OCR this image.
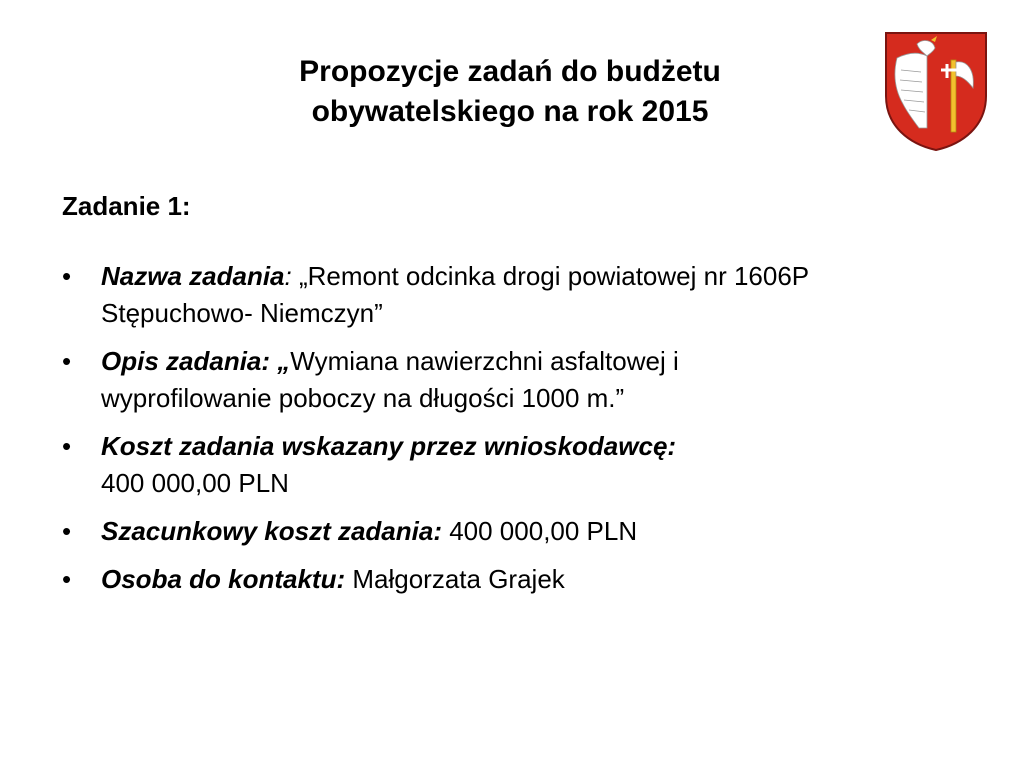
Propozycje zadań do budżetu
obywatelskiego na rok 2015
Zadanie 1:
• Nazwa zadania: „Remont odcinka drogi powiatowej nr 1606P
Stępuchowo- Niemczyn”
• Opis zadania: „Wymiana nawierzchni asfaltowej i
wyprofilowanie poboczy na długości 1000 m.”
• Koszt zadania wskazany przez wnioskodawcę:
400 000,00 PLN
• Szacunkowy koszt zadania: 400 000,00 PLN
• Osoba do kontaktu: Małgorzata Grajek
